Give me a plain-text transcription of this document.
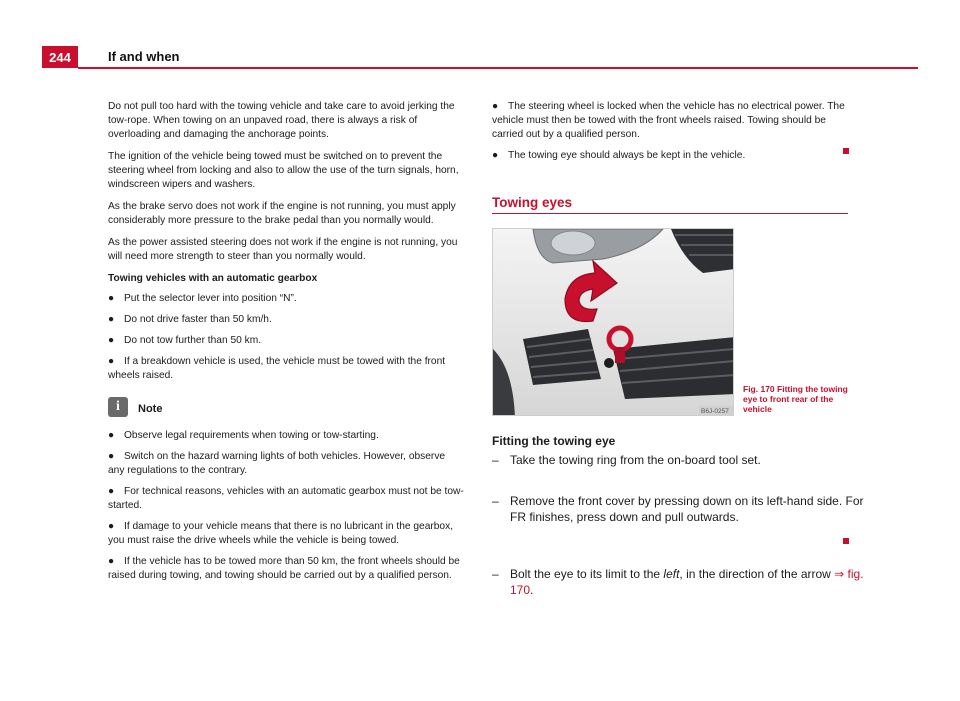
244	If and when

Do not pull too hard with the towing vehicle and take care to avoid jerking the tow-rope. When towing on an unpaved road, there is always a risk of overloading and damaging the anchorage points.

The ignition of the vehicle being towed must be switched on to prevent the steering wheel from locking and also to allow the use of the turn signals, horn, windscreen wipers and washers.

As the brake servo does not work if the engine is not running, you must apply considerably more pressure to the brake pedal than you normally would.

As the power assisted steering does not work if the engine is not running, you will need more strength to steer than you normally would.

Towing vehicles with an automatic gearbox
● Put the selector lever into position “N”.
● Do not drive faster than 50 km/h.
● Do not tow further than 50 km.
● If a breakdown vehicle is used, the vehicle must be towed with the front wheels raised.
i	Note
● Observe legal requirements when towing or tow-starting.
● Switch on the hazard warning lights of both vehicles. However, observe any regulations to the contrary.
● For technical reasons, vehicles with an automatic gearbox must not be tow-started.
● If damage to your vehicle means that there is no lubricant in the gearbox, you must raise the drive wheels while the vehicle is being towed.
● If the vehicle has to be towed more than 50 km, the front wheels should be raised during towing, and towing should be carried out by a qualified person.
● The steering wheel is locked when the vehicle has no electrical power. The vehicle must then be towed with the front wheels raised. Towing should be carried out by a qualified person.
● The towing eye should always be kept in the vehicle.
Towing eyes
B6J-0257
Fig. 170 Fitting the towing eye to front rear of the vehicle
Fitting the towing eye
– Take the towing ring from the on-board tool set.
– Remove the front cover by pressing down on its left-hand side. For FR finishes, press down and pull outwards.
– Bolt the eye to its limit to the left, in the direction of the arrow ⇒ fig. 170.
